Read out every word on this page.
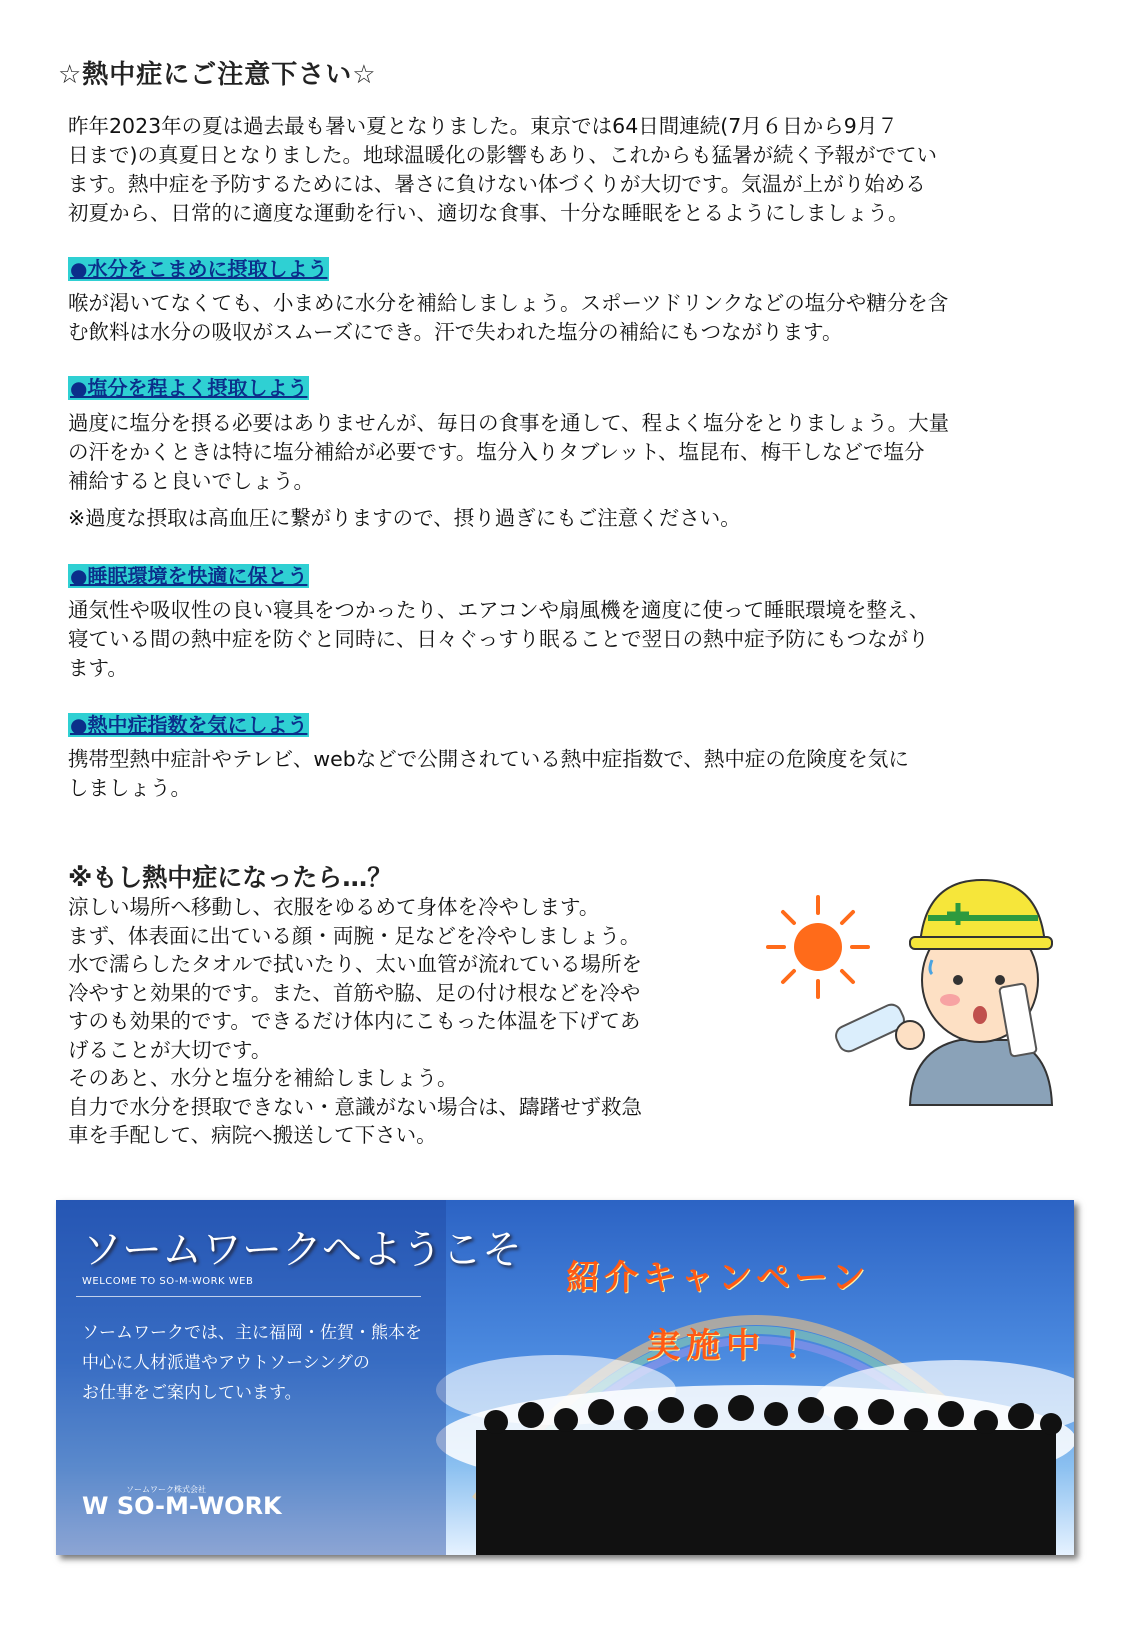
☆熱中症にご注意下さい☆

昨年2023年の夏は過去最も暑い夏となりました。東京では64日間連続(7月６日から9月７
日まで)の真夏日となりました。地球温暖化の影響もあり、これからも猛暑が続く予報がでてい
ます。熱中症を予防するためには、暑さに負けない体づくりが大切です。気温が上がり始める
初夏から、日常的に適度な運動を行い、適切な食事、十分な睡眠をとるようにしましょう。

●水分をこまめに摂取しよう

喉が渇いてなくても、小まめに水分を補給しましょう。スポーツドリンクなどの塩分や糖分を含
む飲料は水分の吸収がスムーズにでき。汗で失われた塩分の補給にもつながります。

●塩分を程よく摂取しよう

過度に塩分を摂る必要はありませんが、毎日の食事を通して、程よく塩分をとりましょう。大量
の汗をかくときは特に塩分補給が必要です。塩分入りタブレット、塩昆布、梅干しなどで塩分
補給すると良いでしょう。

※過度な摂取は高血圧に繋がりますので、摂り過ぎにもご注意ください。

●睡眠環境を快適に保とう

通気性や吸収性の良い寝具をつかったり、エアコンや扇風機を適度に使って睡眠環境を整え、
寝ている間の熱中症を防ぐと同時に、日々ぐっすり眠ることで翌日の熱中症予防にもつながり
ます。

●熱中症指数を気にしよう

携帯型熱中症計やテレビ、webなどで公開されている熱中症指数で、熱中症の危険度を気に
しましょう。

※もし熱中症になったら…？

涼しい場所へ移動し、衣服をゆるめて身体を冷やします。
まず、体表面に出ている顔・両腕・足などを冷やしましょう。
水で濡らしたタオルで拭いたり、太い血管が流れている場所を
冷やすと効果的です。また、首筋や脇、足の付け根などを冷や
すのも効果的です。できるだけ体内にこもった体温を下げてあ
げることが大切です。
そのあと、水分と塩分を補給しましょう。
自力で水分を摂取できない・意識がない場合は、躊躇せず救急
車を手配して、病院へ搬送して下さい。

ソームワークへようこそ
WELCOME TO SO-M-WORK WEB
ソームワークでは、主に福岡・佐賀・熊本を
中心に人材派遣やアウトソーシングの
お仕事をご案内しています。
ソームワーク株式会社
W SO-M-WORK
紹介キャンペーン
実施中 ！
